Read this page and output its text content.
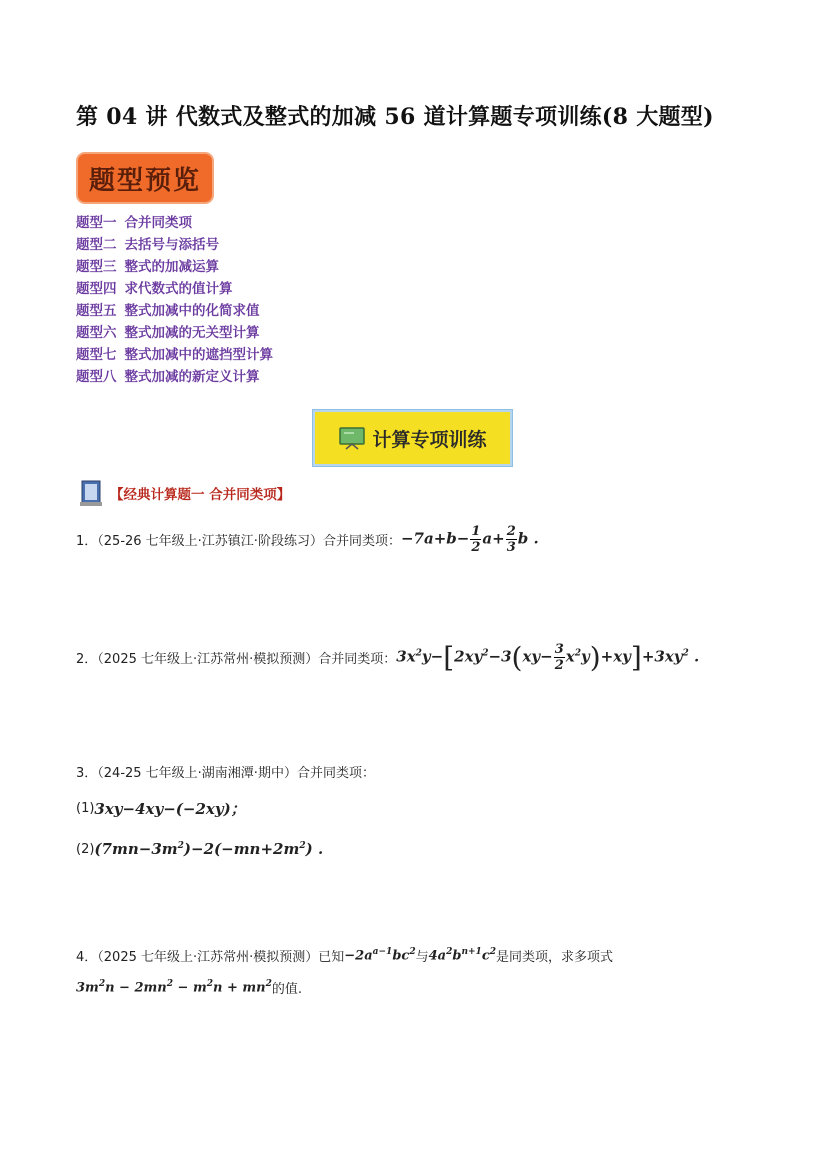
第 04 讲 代数式及整式的加减 56 道计算题专项训练(8 大题型)
题型预览
题型一 合并同类项
题型二 去括号与添括号
题型三 整式的加减运算
题型四 求代数式的值计算
题型五 整式加减中的化简求值
题型六 整式加减的无关型计算
题型七 整式加减中的遮挡型计算
题型八 整式加减的新定义计算
计算专项训练
【经典计算题一 合并同类项】
1．（25-26 七年级上·江苏镇江·阶段练习）合并同类项： $-7a+b- \frac{1}{2} a+ \frac{2}{3}$ b .
2．（2025 七年级上·江苏常州·模拟预测）合并同类项： $3x^2y-[2xy^2-3(xy- \frac{3}{2} x^2y)+xy]+3xy^2$ .
3．（24-25 七年级上·湖南湘潭·期中）合并同类项：
(1) 3xy−4xy−(−2xy)；
(2) $(7mn-3m^2)-2(-mn+2m^2)$ .
4．（2025 七年级上·江苏常州·模拟预测）已知 $-2a^{a-1}bc^2$ 与 $4a^2b^{n+1}c^2$ 是同类项，求多项式
$3m^2n - 2mn^2 - m^2n + mn^2$ 的值.
